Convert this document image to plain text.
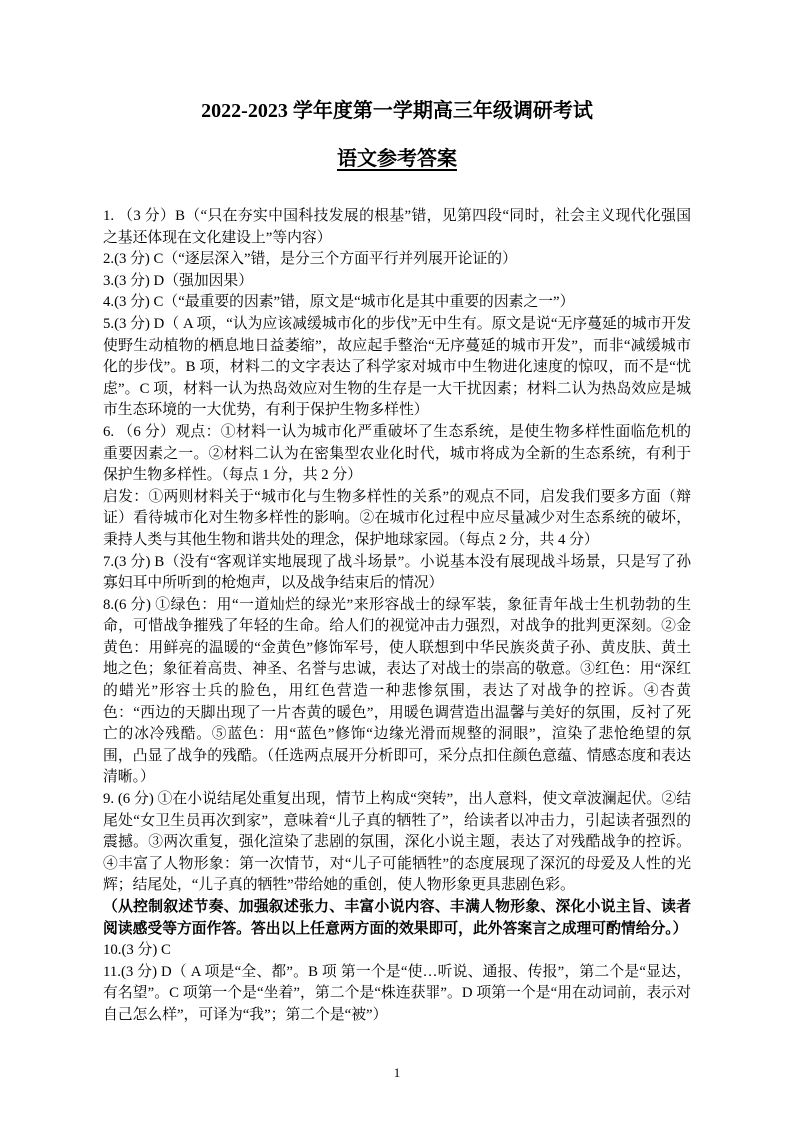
2022-2023 学年度第一学期高三年级调研考试
语文参考答案

1. （3 分）B（“只在夯实中国科技发展的根基”错，见第四段“同时，社会主义现代化强国之基还体现在文化建设上”等内容）

2.(3 分) C（“逐层深入”错，是分三个方面平行并列展开论证的）

3.(3 分) D（强加因果）

4.(3 分) C（“最重要的因素”错，原文是“城市化是其中重要的因素之一”）

5.(3 分) D（ A 项，“认为应该减缓城市化的步伐”无中生有。原文是说“无序蔓延的城市开发使野生动植物的栖息地日益萎缩”，故应起手整治“无序蔓延的城市开发”，而非“减缓城市化的步伐”。B 项，材料二的文字表达了科学家对城市中生物进化速度的惊叹，而不是“忧虑”。C 项，材料一认为热岛效应对生物的生存是一大干扰因素；材料二认为热岛效应是城市生态环境的一大优势，有利于保护生物多样性）

6. （6 分）观点：①材料一认为城市化严重破坏了生态系统，是使生物多样性面临危机的重要因素之一。②材料二认为在密集型农业化时代，城市将成为全新的生态系统，有利于保护生物多样性。（每点 1 分，共 2 分）

启发：①两则材料关于“城市化与生物多样性的关系”的观点不同，启发我们要多方面（辩证）看待城市化对生物多样性的影响。②在城市化过程中应尽量减少对生态系统的破坏，秉持人类与其他生物和谐共处的理念，保护地球家园。（每点 2 分，共 4 分）

7.(3 分) B（没有“客观详实地展现了战斗场景”。小说基本没有展现战斗场景，只是写了孙寡妇耳中所听到的枪炮声，以及战争结束后的情况）

8.(6 分) ①绿色：用“一道灿烂的绿光”来形容战士的绿军装，象征青年战士生机勃勃的生命，可惜战争摧残了年轻的生命。给人们的视觉冲击力强烈，对战争的批判更深刻。②金黄色：用鲜亮的温暖的“金黄色”修饰军号，使人联想到中华民族炎黄子孙、黄皮肤、黄土地之色；象征着高贵、神圣、名誉与忠诚，表达了对战士的崇高的敬意。③红色：用“深红的蜡光”形容士兵的脸色，用红色营造一种悲惨氛围，表达了对战争的控诉。④杏黄色：“西边的天脚出现了一片杏黄的暖色”，用暖色调营造出温馨与美好的氛围，反衬了死亡的冰冷残酷。⑤蓝色：用“蓝色”修饰“边缘光滑而规整的洞眼”，渲染了悲怆绝望的氛围，凸显了战争的残酷。（任选两点展开分析即可，采分点扣住颜色意蕴、情感态度和表达清晰。）

9. (6 分) ①在小说结尾处重复出现，情节上构成“突转”，出人意料，使文章波澜起伏。②结尾处“女卫生员再次到家”，意味着“儿子真的牺牲了”，给读者以冲击力，引起读者强烈的震撼。③两次重复，强化渲染了悲剧的氛围，深化小说主题，表达了对残酷战争的控诉。④丰富了人物形象：第一次情节，对“儿子可能牺牲”的态度展现了深沉的母爱及人性的光辉；结尾处，“儿子真的牺牲”带给她的重创，使人物形象更具悲剧色彩。

（从控制叙述节奏、加强叙述张力、丰富小说内容、丰满人物形象、深化小说主旨、读者阅读感受等方面作答。答出以上任意两方面的效果即可，此外答案言之成理可酌情给分。）

10.(3 分) C

11.(3 分) D（ A 项是“全、都”。B 项 第一个是“使…听说、通报、传报”，第二个是“显达，有名望”。C 项第一个是“坐着”，第二个是“株连获罪”。D 项第一个是“用在动词前，表示对自己怎么样”，可译为“我”；第二个是“被”）

1
